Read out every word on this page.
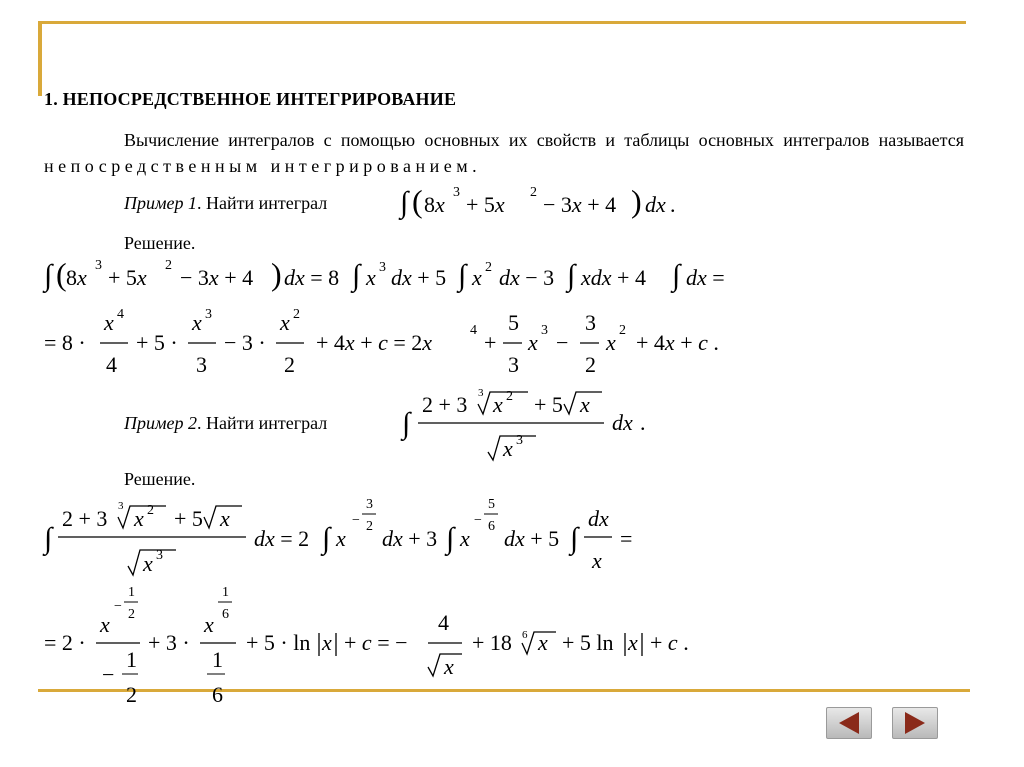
1. НЕПОСРЕДСТВЕННОЕ ИНТЕГРИРОВАНИЕ
Вычисление интегралов с помощью основных их свойств и таблицы основных интегралов называется непосредственным интегрированием.
Пример 1. Найти интеграл
Решение.
Пример 2. Найти интеграл
Решение.
∫ ( 8x 3 + 5x 2 − 3x + 4 ) dx .
∫ ( 8x 3 + 5x 2 − 3x + 4 ) dx = 8 ∫ x 3 dx + 5 ∫ x 2 dx − 3 ∫ xdx + 4 ∫ dx =
= 8 ·
x 4
4
+ 5 ·
x 3
3
− 3 ·
x 2
2
+ 4x + c = 2x	4 +
5
3
x 3 −
3
2
x 2 + 4x + c .
∫
2 + 3 3 x 2 + 5 x
x 3
dx .
∫
2 + 3 3 x 2 + 5 x
x 3
dx = 2 ∫ x
−
3
2 dx + 3 ∫ x
−
5
6 dx + 5 ∫
dx
x
=
= 2 ·
x
−
1
2
−
1
2
+ 3 ·
x
1
6
1
6
+ 5 · ln x + c = −
4
x
+ 18 6 x + 5 ln x + c .
